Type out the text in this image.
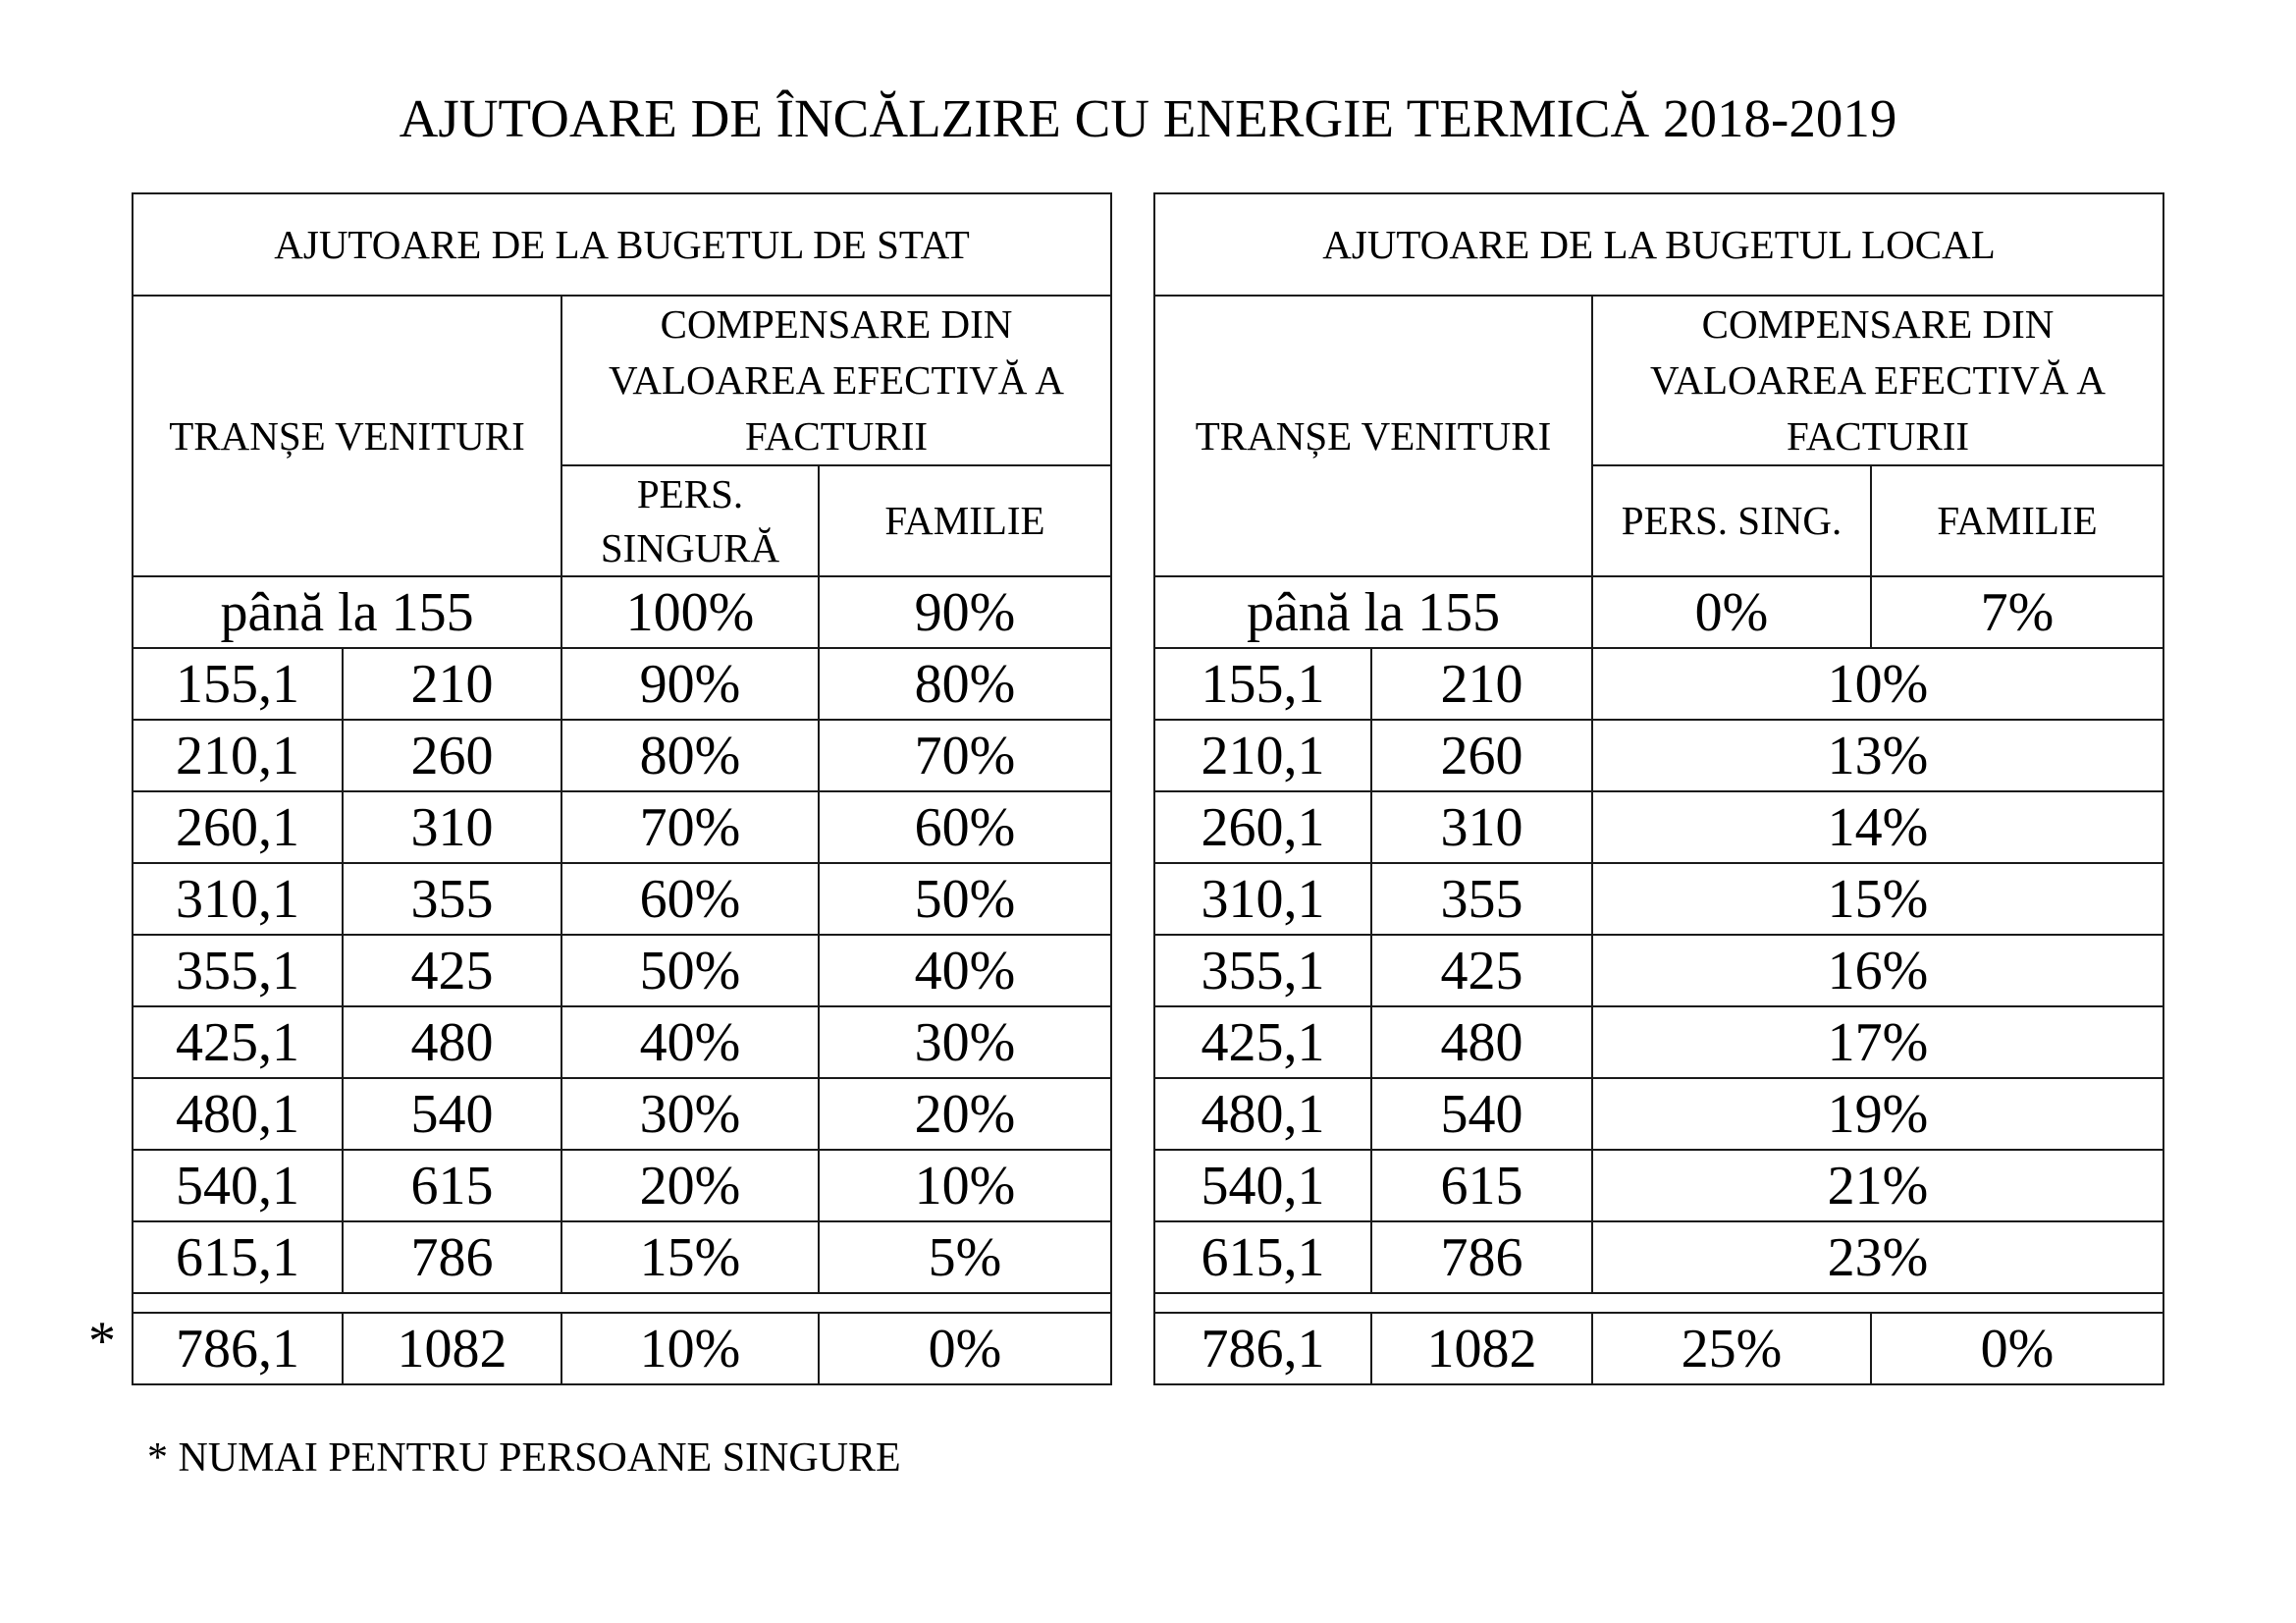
AJUTOARE DE ÎNCĂLZIRE CU ENERGIE TERMICĂ 2018-2019
AJUTOARE DE LA BUGETUL DE STAT			
TRANȘE VENITURI		COMPENSARE DIN VALOAREA EFECTIVĂ A FACTURII	
		PERS. SINGURĂ	FAMILIE
până la 155		100%	90%
155,1	210	90%	80%
210,1	260	80%	70%
260,1	310	70%	60%
310,1	355	60%	50%
355,1	425	50%	40%
425,1	480	40%	30%
480,1	540	30%	20%
540,1	615	20%	10%
615,1	786	15%	5%

786,1	1082	10%	0%
*
AJUTOARE DE LA BUGETUL LOCAL			
TRANȘE VENITURI		COMPENSARE DIN VALOAREA EFECTIVĂ A FACTURII	
		PERS. SING.	FAMILIE
până la 155		0%	7%
155,1	210	10%	
210,1	260	13%	
260,1	310	14%	
310,1	355	15%	
355,1	425	16%	
425,1	480	17%	
480,1	540	19%	
540,1	615	21%	
615,1	786	23%	

786,1	1082	25%	0%
* NUMAI PENTRU PERSOANE SINGURE
